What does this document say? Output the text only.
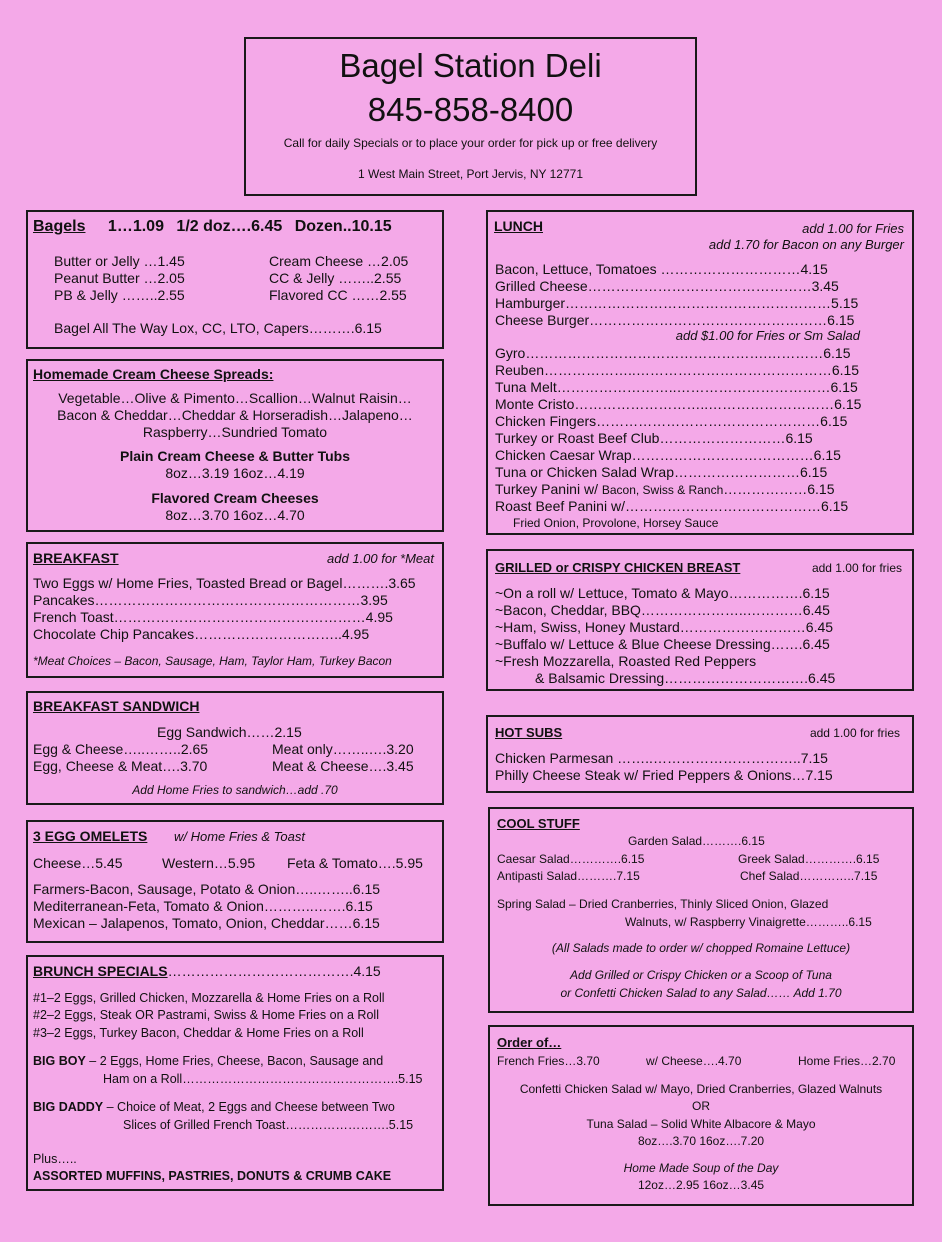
Bagel Station Deli
845-858-8400
Call for daily Specials or to place your order for pick up or free delivery
1 West Main Street, Port Jervis, NY 12771
Bagels 1…1.09 1/2 doz….6.45 Dozen..10.15
Butter or Jelly …1.45
Peanut Butter …2.05
PB & Jelly ……..2.55
Cream Cheese …2.05
CC & Jelly ……..2.55
Flavored CC ……2.55
Bagel All The Way Lox, CC, LTO, Capers……….6.15
Homemade Cream Cheese Spreads:
Vegetable…Olive & Pimento…Scallion…Walnut Raisin…
Bacon & Cheddar…Cheddar & Horseradish…Jalapeno…
Raspberry…Sundried Tomato
Plain Cream Cheese & Butter Tubs
8oz…3.19 16oz…4.19
Flavored Cream Cheeses
8oz…3.70 16oz…4.70
BREAKFAST	add 1.00 for *Meat
Two Eggs w/ Home Fries, Toasted Bread or Bagel……….3.65
Pancakes…………………………………………………3.95
French Toast………………………………………………4.95
Chocolate Chip Pancakes…………………………..4.95
*Meat Choices – Bacon, Sausage, Ham, Taylor Ham, Turkey Bacon
BREAKFAST SANDWICH
Egg Sandwich……2.15
Egg & Cheese…..……..2.65	Meat only……..….3.20
Egg, Cheese & Meat….3.70	Meat & Cheese….3.45
Add Home Fries to sandwich…add .70
3 EGG OMELETS w/ Home Fries & Toast
Cheese…5.45	Western…5.95 Feta & Tomato….5.95
Farmers-Bacon, Sausage, Potato & Onion…..……..6.15
Mediterranean-Feta, Tomato & Onion………..…….6.15
Mexican – Jalapenos, Tomato, Onion, Cheddar……6.15
BRUNCH SPECIALS………………………………….4.15
#1–2 Eggs, Grilled Chicken, Mozzarella & Home Fries on a Roll
#2–2 Eggs, Steak OR Pastrami, Swiss & Home Fries on a Roll
#3–2 Eggs, Turkey Bacon, Cheddar & Home Fries on a Roll
BIG BOY – 2 Eggs, Home Fries, Cheese, Bacon, Sausage and
Ham on a Roll…………………………………………….5.15
BIG DADDY – Choice of Meat, 2 Eggs and Cheese between Two
Slices of Grilled French Toast…………………….5.15
Plus…..
ASSORTED MUFFINS, PASTRIES, DONUTS & CRUMB CAKE
LUNCH	add 1.00 for Fries
add 1.70 for Bacon on any Burger
Bacon, Lettuce, Tomatoes …………………………4.15
Grilled Cheese…………………………………………3.45
Hamburger…………………………………………………5.15
Cheese Burger……………………………………………6.15
add $1.00 for Fries or Sm Salad
Gyro…………………………………………….…………6.15
Reuben………………..……………………………………6.15
Tuna Melt……………………..……………………………6.15
Monte Cristo………………………..………………………6.15
Chicken Fingers…………………………………………6.15
Turkey or Roast Beef Club………………………6.15
Chicken Caesar Wrap…………………………………6.15
Tuna or Chicken Salad Wrap………………………6.15
Turkey Panini w/ Bacon, Swiss & Ranch………………6.15
Roast Beef Panini w/……………………………………6.15
Fried Onion, Provolone, Horsey Sauce
GRILLED or CRISPY CHICKEN BREAST	add 1.00 for fries
~On a roll w/ Lettuce, Tomato & Mayo…………….6.15
~Bacon, Cheddar, BBQ…………………..…………6.45
~Ham, Swiss, Honey Mustard………………………6.45
~Buffalo w/ Lettuce & Blue Cheese Dressing…….6.45
~Fresh Mozzarella, Roasted Red Peppers
& Balsamic Dressing………………………….6.45
HOT SUBS	add 1.00 for fries
Chicken Parmesan ……..…………………………..7.15
Philly Cheese Steak w/ Fried Peppers & Onions…7.15
COOL STUFF
Garden Salad……….6.15
Caesar Salad………….6.15	Greek Salad………….6.15
Antipasti Salad……….7.15	Chef Salad…………..7.15
Spring Salad – Dried Cranberries, Thinly Sliced Onion, Glazed
Walnuts, w/ Raspberry Vinaigrette………..6.15
(All Salads made to order w/ chopped Romaine Lettuce)
Add Grilled or Crispy Chicken or a Scoop of Tuna
or Confetti Chicken Salad to any Salad…… Add 1.70
Order of…
French Fries…3.70	w/ Cheese….4.70	Home Fries…2.70
Confetti Chicken Salad w/ Mayo, Dried Cranberries, Glazed Walnuts
OR
Tuna Salad – Solid White Albacore & Mayo
8oz….3.70 16oz….7.20
Home Made Soup of the Day
12oz…2.95 16oz…3.45
